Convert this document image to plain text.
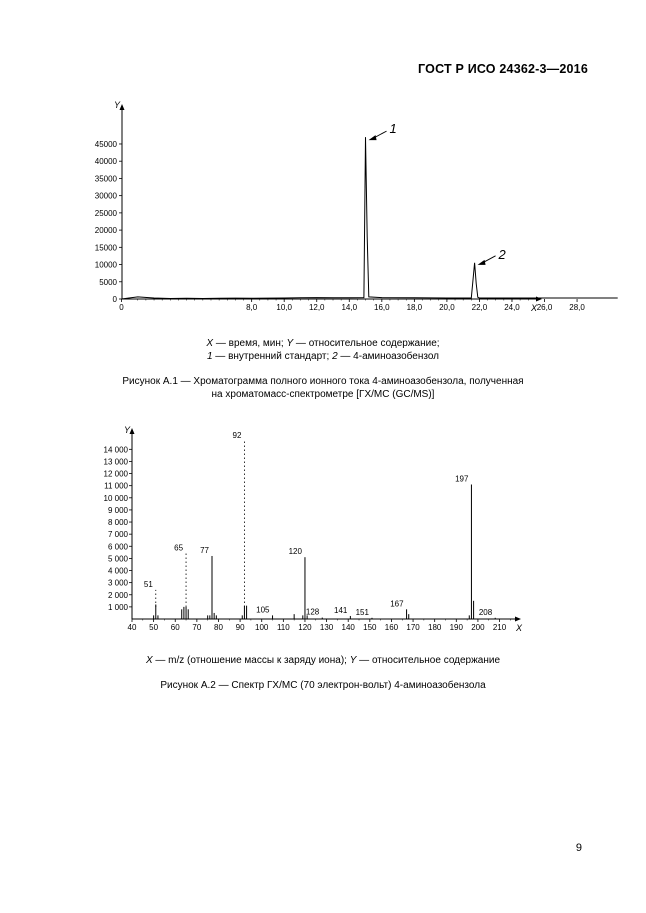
ГОСТ Р ИСО 24362-3—2016
Y
X
0
5000
10000
15000
20000
25000
30000
35000
40000
45000
0	8,0 10,0 12,0 14,0 16,0 18,0 20,0 22,0 24,0 26,0 28,0
1
2
X — время, мин; Y — относительное содержание;
1 — внутренний стандарт; 2 — 4-аминоазобензол
Рисунок А.1 — Хроматограмма полного ионного тока 4-аминоазобензола, полученная
на хроматомасс-спектрометре [ГХ/МС (GC/MS)]
Y
X
1 000
2 000
3 000
4 000
5 000
6 000
7 000
8 000
9 000
10 000
11 000
12 000
13 000
14 000
40 50 60 70 80 90 100 110 120 130 140 150 160 170 180 190 200 210
51
65 77
92
105
120
128 141 151
167
197
208
X — m/z (отношение массы к заряду иона); Y — относительное содержание
Рисунок А.2 — Спектр ГХ/МС (70 электрон-вольт) 4-аминоазобензола
9
